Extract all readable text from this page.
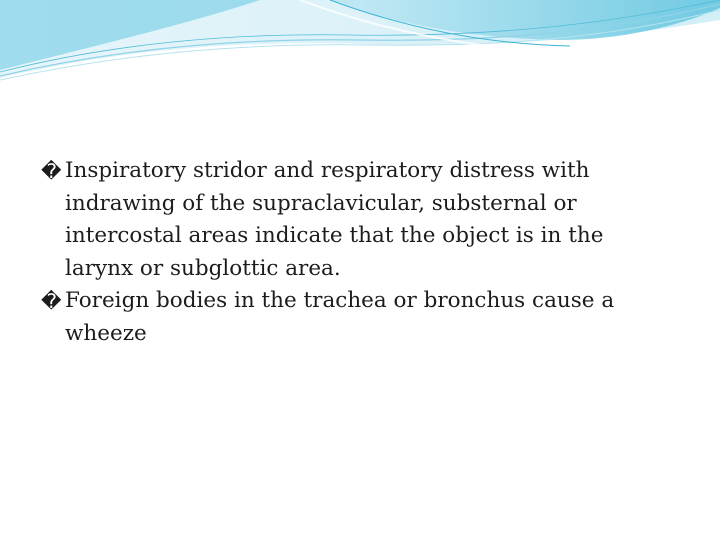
� Inspiratory stridor and respiratory distress with indrawing of the supraclavicular, substernal or intercostal areas indicate that the object is in the larynx or subglottic area.

� Foreign bodies in the trachea or bronchus cause a wheeze
